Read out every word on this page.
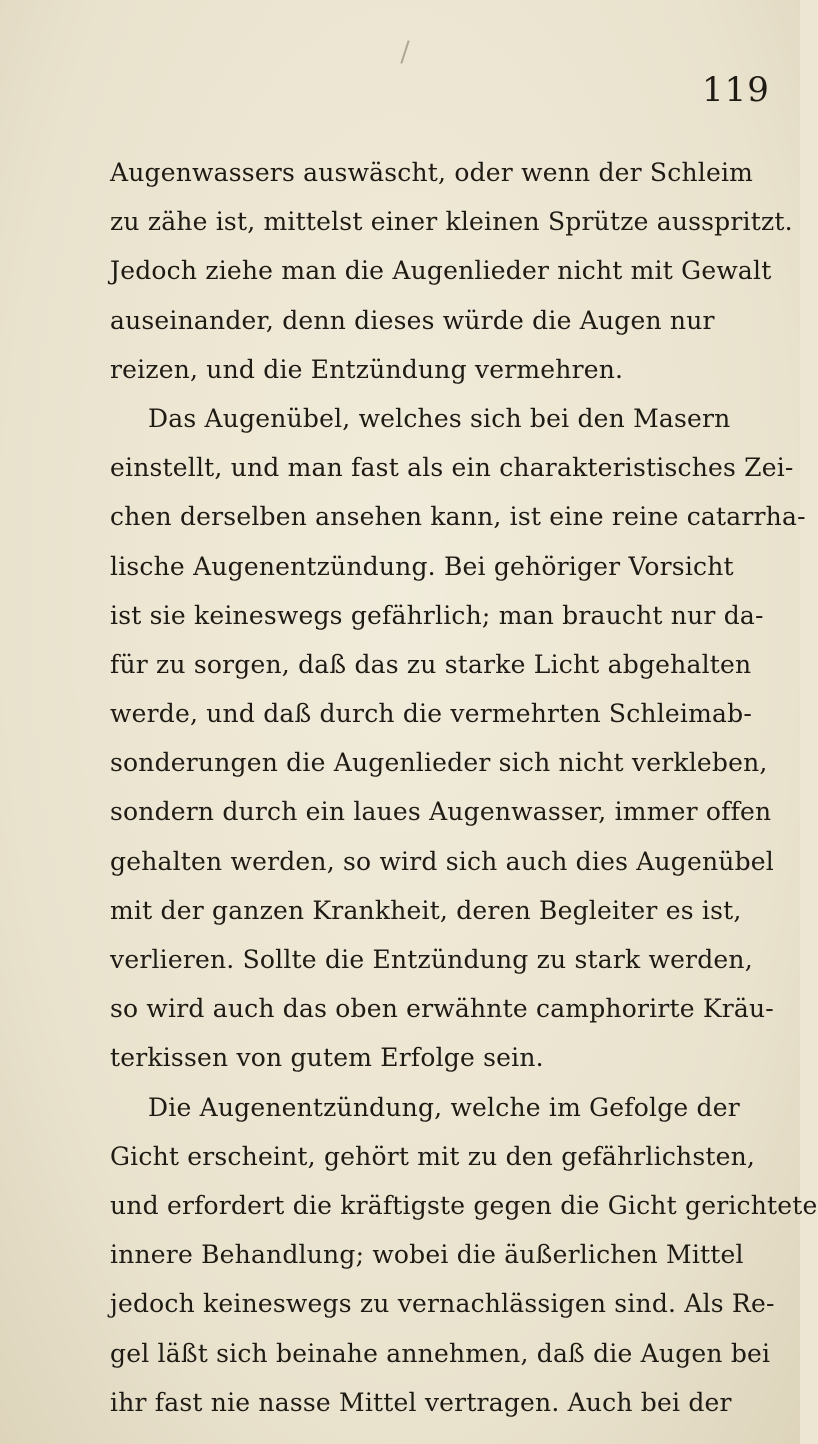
119
Augenwassers auswäscht, oder wenn der Schleim
zu zähe ist, mittelst einer kleinen Sprütze ausspritzt.
Jedoch ziehe man die Augenlieder nicht mit Gewalt
auseinander, denn dieses würde die Augen nur
reizen, und die Entzündung vermehren.
Das Augenübel, welches sich bei den Masern
einstellt, und man fast als ein charakteristisches Zei-
chen derselben ansehen kann, ist eine reine catarrha-
lische Augenentzündung. Bei gehöriger Vorsicht
ist sie keineswegs gefährlich; man braucht nur da-
für zu sorgen, daß das zu starke Licht abgehalten
werde, und daß durch die vermehrten Schleimab-
sonderungen die Augenlieder sich nicht verkleben,
sondern durch ein laues Augenwasser, immer offen
gehalten werden, so wird sich auch dies Augenübel
mit der ganzen Krankheit, deren Begleiter es ist,
verlieren. Sollte die Entzündung zu stark werden,
so wird auch das oben erwähnte camphorirte Kräu-
terkissen von gutem Erfolge sein.
Die Augenentzündung, welche im Gefolge der
Gicht erscheint, gehört mit zu den gefährlichsten,
und erfordert die kräftigste gegen die Gicht gerichtete
innere Behandlung; wobei die äußerlichen Mittel
jedoch keineswegs zu vernachlässigen sind. Als Re-
gel läßt sich beinahe annehmen, daß die Augen bei
ihr fast nie nasse Mittel vertragen. Auch bei der
